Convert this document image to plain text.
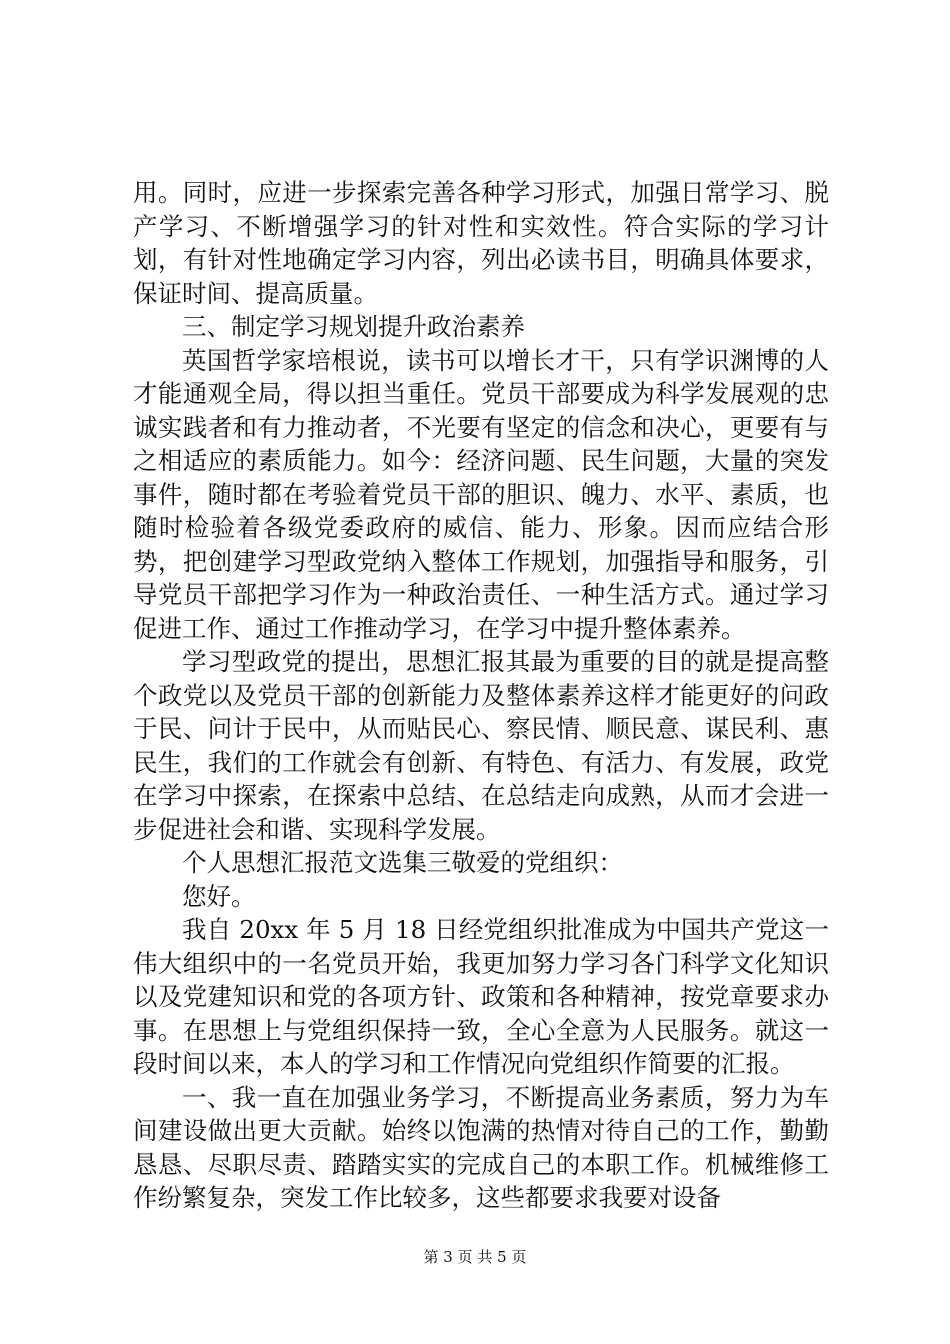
用。同时，应进一步探索完善各种学习形式，加强日常学习、脱产学习、不断增强学习的针对性和实效性。符合实际的学习计划，有针对性地确定学习内容，列出必读书目，明确具体要求，保证时间、提高质量。

三、制定学习规划提升政治素养

英国哲学家培根说，读书可以增长才干，只有学识渊博的人才能通观全局，得以担当重任。党员干部要成为科学发展观的忠诚实践者和有力推动者，不光要有坚定的信念和决心，更要有与之相适应的素质能力。如今：经济问题、民生问题，大量的突发事件，随时都在考验着党员干部的胆识、魄力、水平、素质，也随时检验着各级党委政府的威信、能力、形象。因而应结合形势，把创建学习型政党纳入整体工作规划，加强指导和服务，引导党员干部把学习作为一种政治责任、一种生活方式。通过学习促进工作、通过工作推动学习，在学习中提升整体素养。

学习型政党的提出，思想汇报其最为重要的目的就是提高整个政党以及党员干部的创新能力及整体素养这样才能更好的问政于民、问计于民中，从而贴民心、察民情、顺民意、谋民利、惠民生，我们的工作就会有创新、有特色、有活力、有发展，政党在学习中探索，在探索中总结、在总结走向成熟，从而才会进一步促进社会和谐、实现科学发展。

个人思想汇报范文选集三敬爱的党组织：

您好。

我自 20xx 年 5 月 18 日经党组织批准成为中国共产党这一伟大组织中的一名党员开始，我更加努力学习各门科学文化知识以及党建知识和党的各项方针、政策和各种精神，按党章要求办事。在思想上与党组织保持一致，全心全意为人民服务。就这一段时间以来，本人的学习和工作情况向党组织作简要的汇报。

一、我一直在加强业务学习，不断提高业务素质，努力为车间建设做出更大贡献。始终以饱满的热情对待自己的工作，勤勤恳恳、尽职尽责、踏踏实实的完成自己的本职工作。机械维修工作纷繁复杂，突发工作比较多，这些都要求我要对设备

第 3 页 共 5 页
